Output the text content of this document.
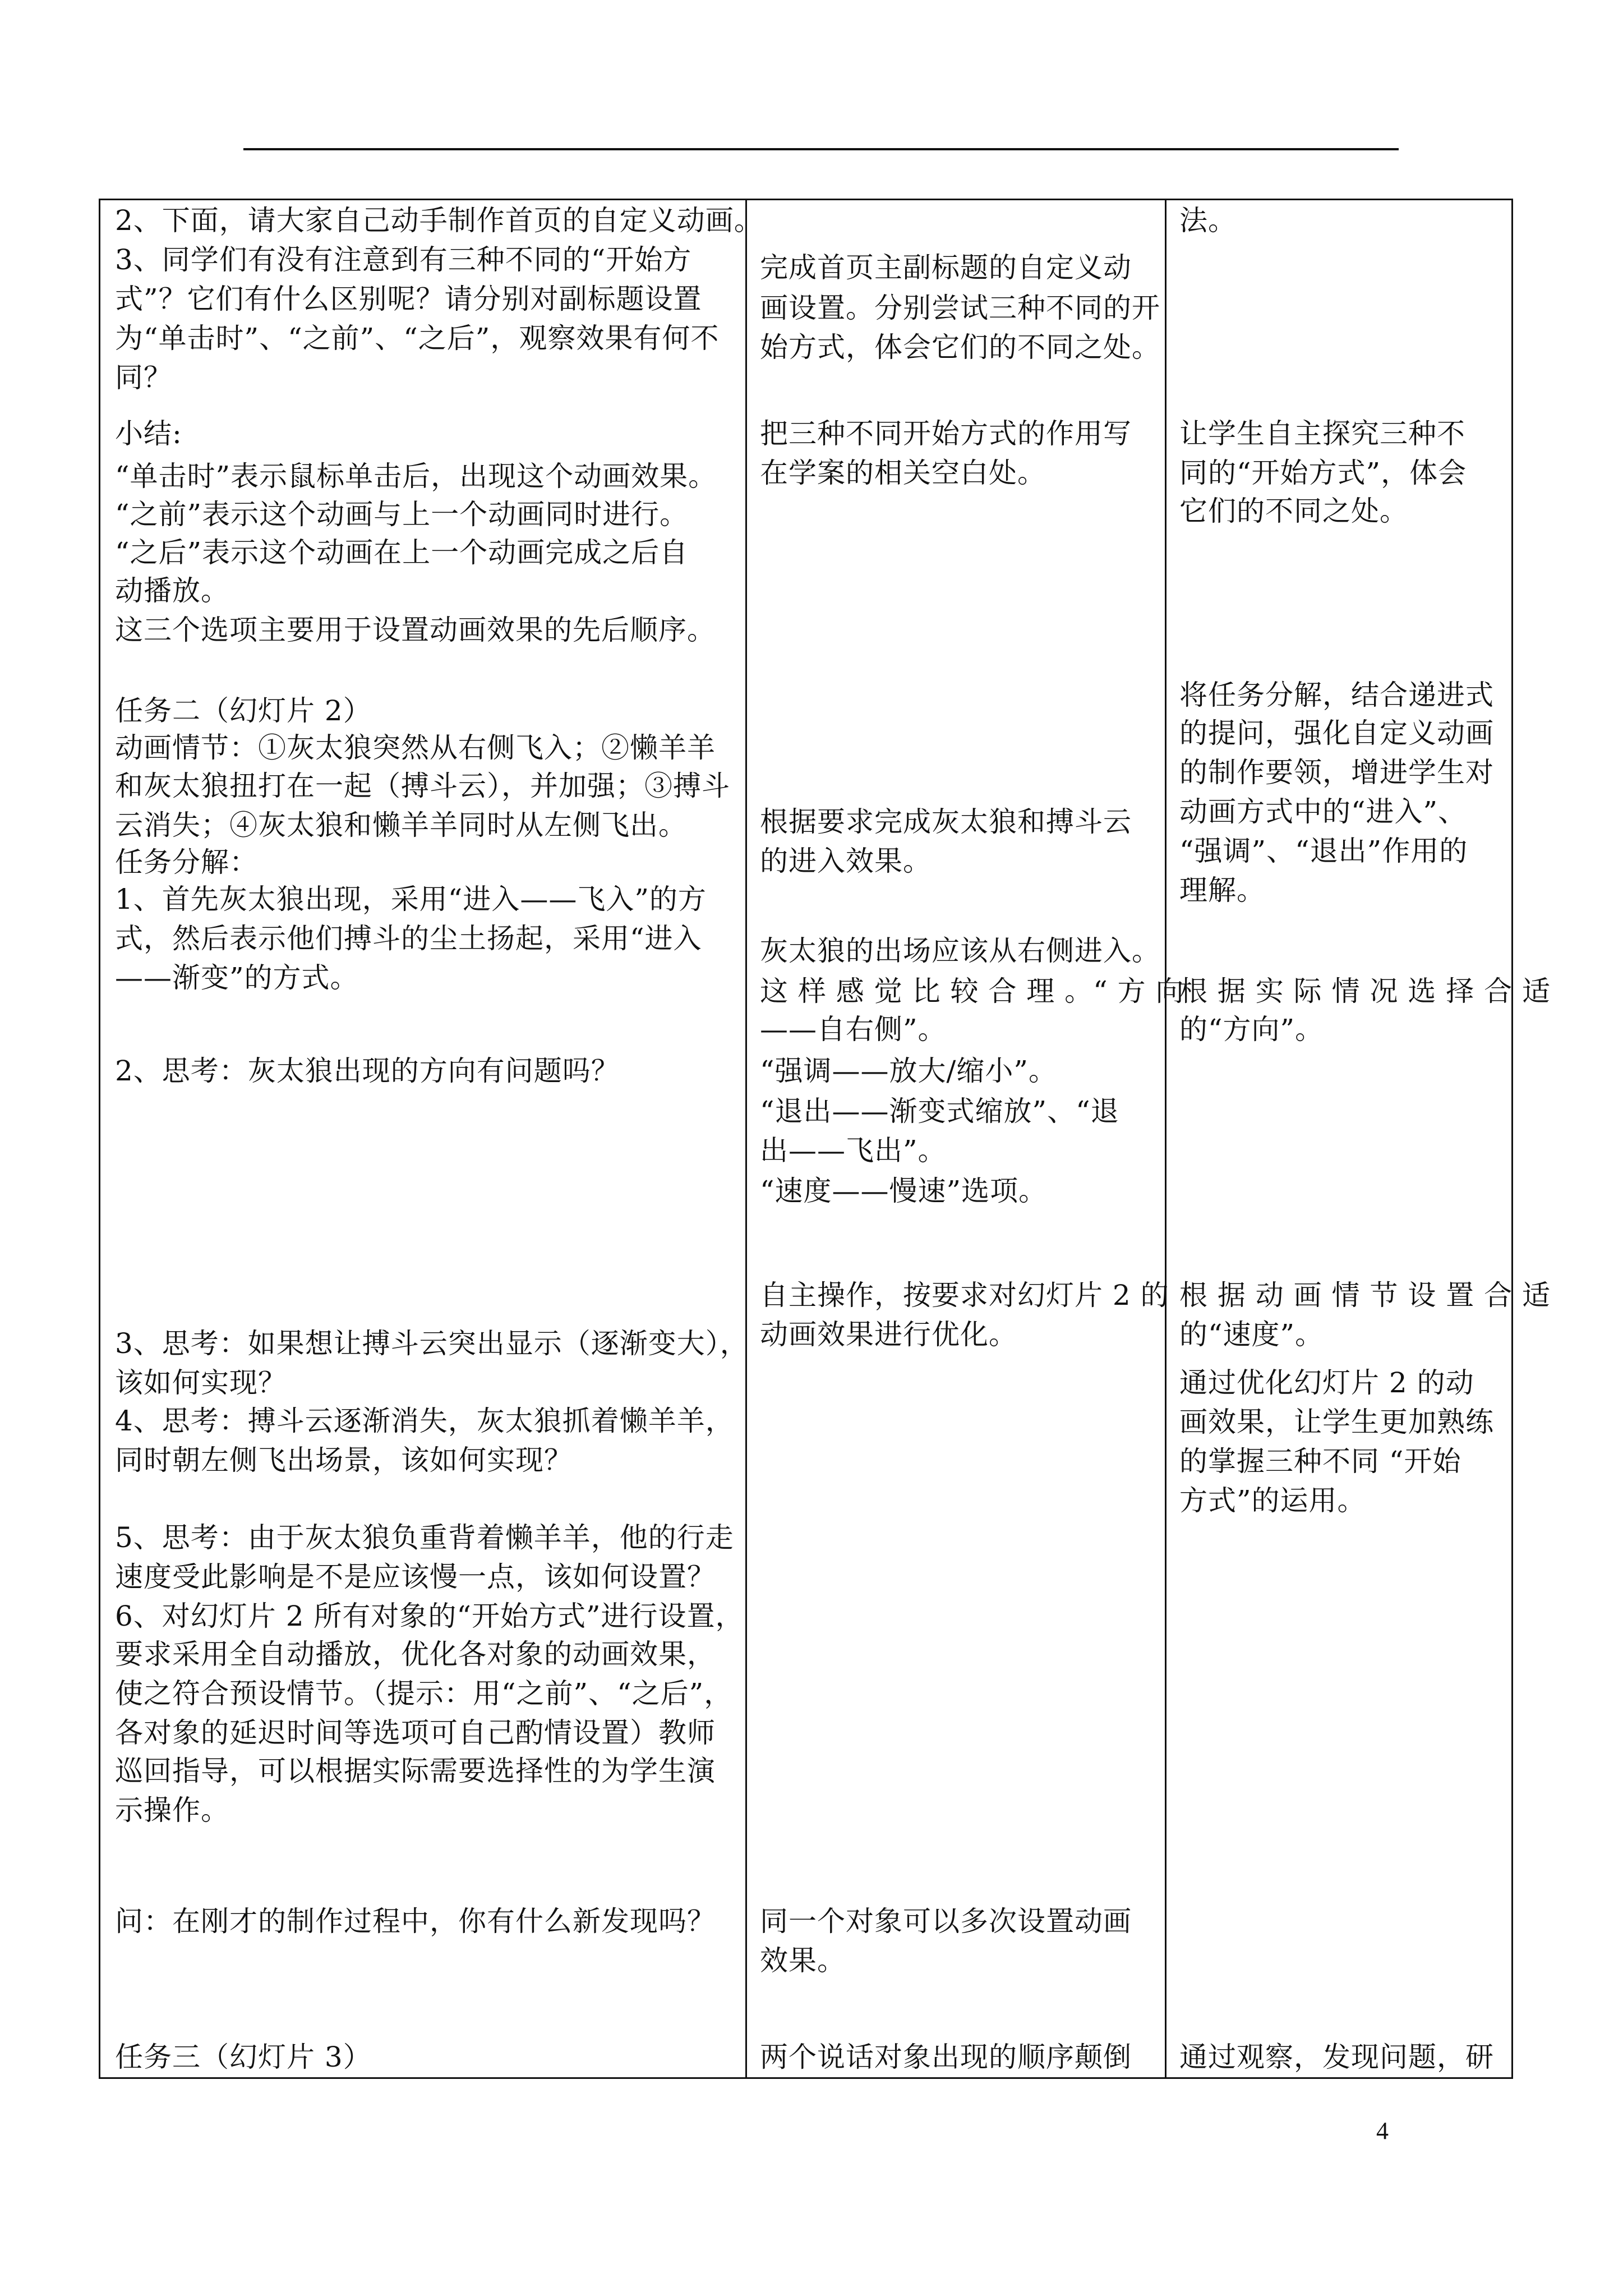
2、下面，请大家自己动手制作首页的自定义动画。
3、同学们有没有注意到有三种不同的“开始方
式”？它们有什么区别呢？请分别对副标题设置
为“单击时”、“之前”、“之后”，观察效果有何不
同？
小结:
“单击时”表示鼠标单击后，出现这个动画效果。
“之前”表示这个动画与上一个动画同时进行。
“之后”表示这个动画在上一个动画完成之后自
动播放。
这三个选项主要用于设置动画效果的先后顺序。
任务二（幻灯片 2）
动画情节：①灰太狼突然从右侧飞入；②懒羊羊
和灰太狼扭打在一起（搏斗云），并加强；③搏斗
云消失；④灰太狼和懒羊羊同时从左侧飞出。
任务分解：
1、首先灰太狼出现，采用“进入——飞入”的方
式，然后表示他们搏斗的尘土扬起，采用“进入
——渐变”的方式。
2、思考：灰太狼出现的方向有问题吗？
3、思考：如果想让搏斗云突出显示（逐渐变大），
该如何实现？
4、思考：搏斗云逐渐消失，灰太狼抓着懒羊羊，
同时朝左侧飞出场景，该如何实现？
5、思考：由于灰太狼负重背着懒羊羊，他的行走
速度受此影响是不是应该慢一点，该如何设置？
6、对幻灯片 2 所有对象的“开始方式”进行设置，
要求采用全自动播放，优化各对象的动画效果，
使之符合预设情节。（提示：用“之前”、“之后”，
各对象的延迟时间等选项可自己酌情设置）教师
巡回指导，可以根据实际需要选择性的为学生演
示操作。
问：在刚才的制作过程中，你有什么新发现吗？
任务三（幻灯片 3）
完成首页主副标题的自定义动
画设置。分别尝试三种不同的开
始方式，体会它们的不同之处。
把三种不同开始方式的作用写
在学案的相关空白处。
根据要求完成灰太狼和搏斗云
的进入效果。
灰太狼的出场应该从右侧进入。
这 样 感 觉 比 较 合 理 。“ 方 向
——自右侧”。
“强调——放大/缩小”。
“退出——渐变式缩放”、“退
出——飞出”。
“速度——慢速”选项。
自主操作，按要求对幻灯片 2 的
动画效果进行优化。
同一个对象可以多次设置动画
效果。
两个说话对象出现的顺序颠倒
法。
让学生自主探究三种不
同的“开始方式”，体会
它们的不同之处。
将任务分解，结合递进式
的提问，强化自定义动画
的制作要领，增进学生对
动画方式中的“进入”、
“强调”、“退出”作用的
理解。
根 据 实 际 情 况 选 择 合 适
的“方向”。
根 据 动 画 情 节 设 置 合 适
的“速度”。
通过优化幻灯片 2 的动
画效果，让学生更加熟练
的掌握三种不同 “开始
方式”的运用。
通过观察，发现问题，研
4
